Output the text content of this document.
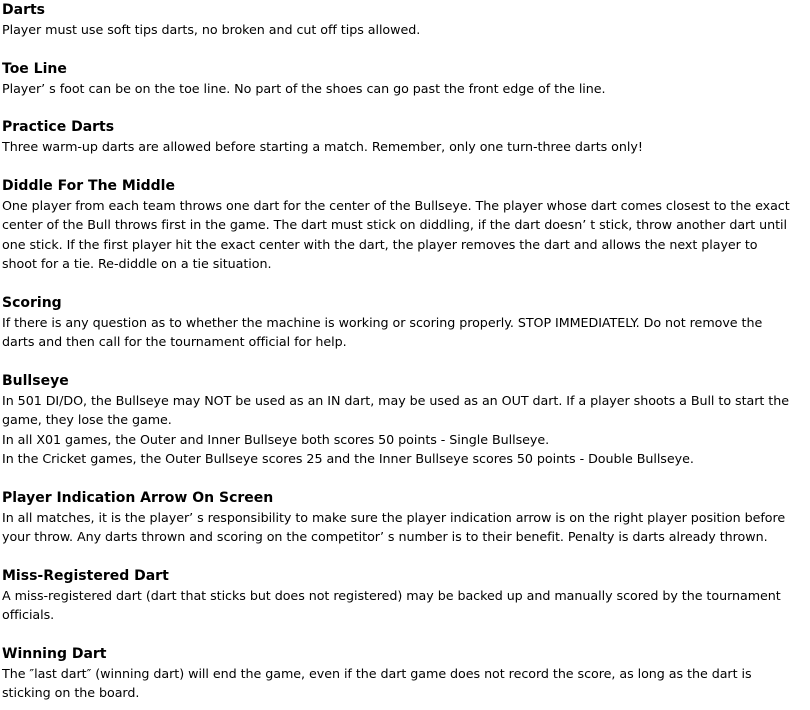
Darts
Player must use soft tips darts, no broken and cut off tips allowed.
Toe Line
Player’ s foot can be on the toe line. No part of the shoes can go past the front edge of the line.
Practice Darts
Three warm-up darts are allowed before starting a match. Remember, only one turn-three darts only!
Diddle For The Middle
One player from each team throws one dart for the center of the Bullseye. The player whose dart comes closest to the exact
center of the Bull throws first in the game. The dart must stick on diddling, if the dart doesn’ t stick, throw another dart until
one stick. If the first player hit the exact center with the dart, the player removes the dart and allows the next player to
shoot for a tie. Re-diddle on a tie situation.
Scoring
If there is any question as to whether the machine is working or scoring properly. STOP IMMEDIATELY. Do not remove the
darts and then call for the tournament official for help.
Bullseye
In 501 DI/DO, the Bullseye may NOT be used as an IN dart, may be used as an OUT dart. If a player shoots a Bull to start the
game, they lose the game.
In all X01 games, the Outer and Inner Bullseye both scores 50 points - Single Bullseye.
In the Cricket games, the Outer Bullseye scores 25 and the Inner Bullseye scores 50 points - Double Bullseye.
Player Indication Arrow On Screen
In all matches, it is the player’ s responsibility to make sure the player indication arrow is on the right player position before
your throw. Any darts thrown and scoring on the competitor’ s number is to their benefit. Penalty is darts already thrown.
Miss-Registered Dart
A miss-registered dart (dart that sticks but does not registered) may be backed up and manually scored by the tournament
officials.
Winning Dart
The ″last dart″ (winning dart) will end the game, even if the dart game does not record the score, as long as the dart is
sticking on the board.
